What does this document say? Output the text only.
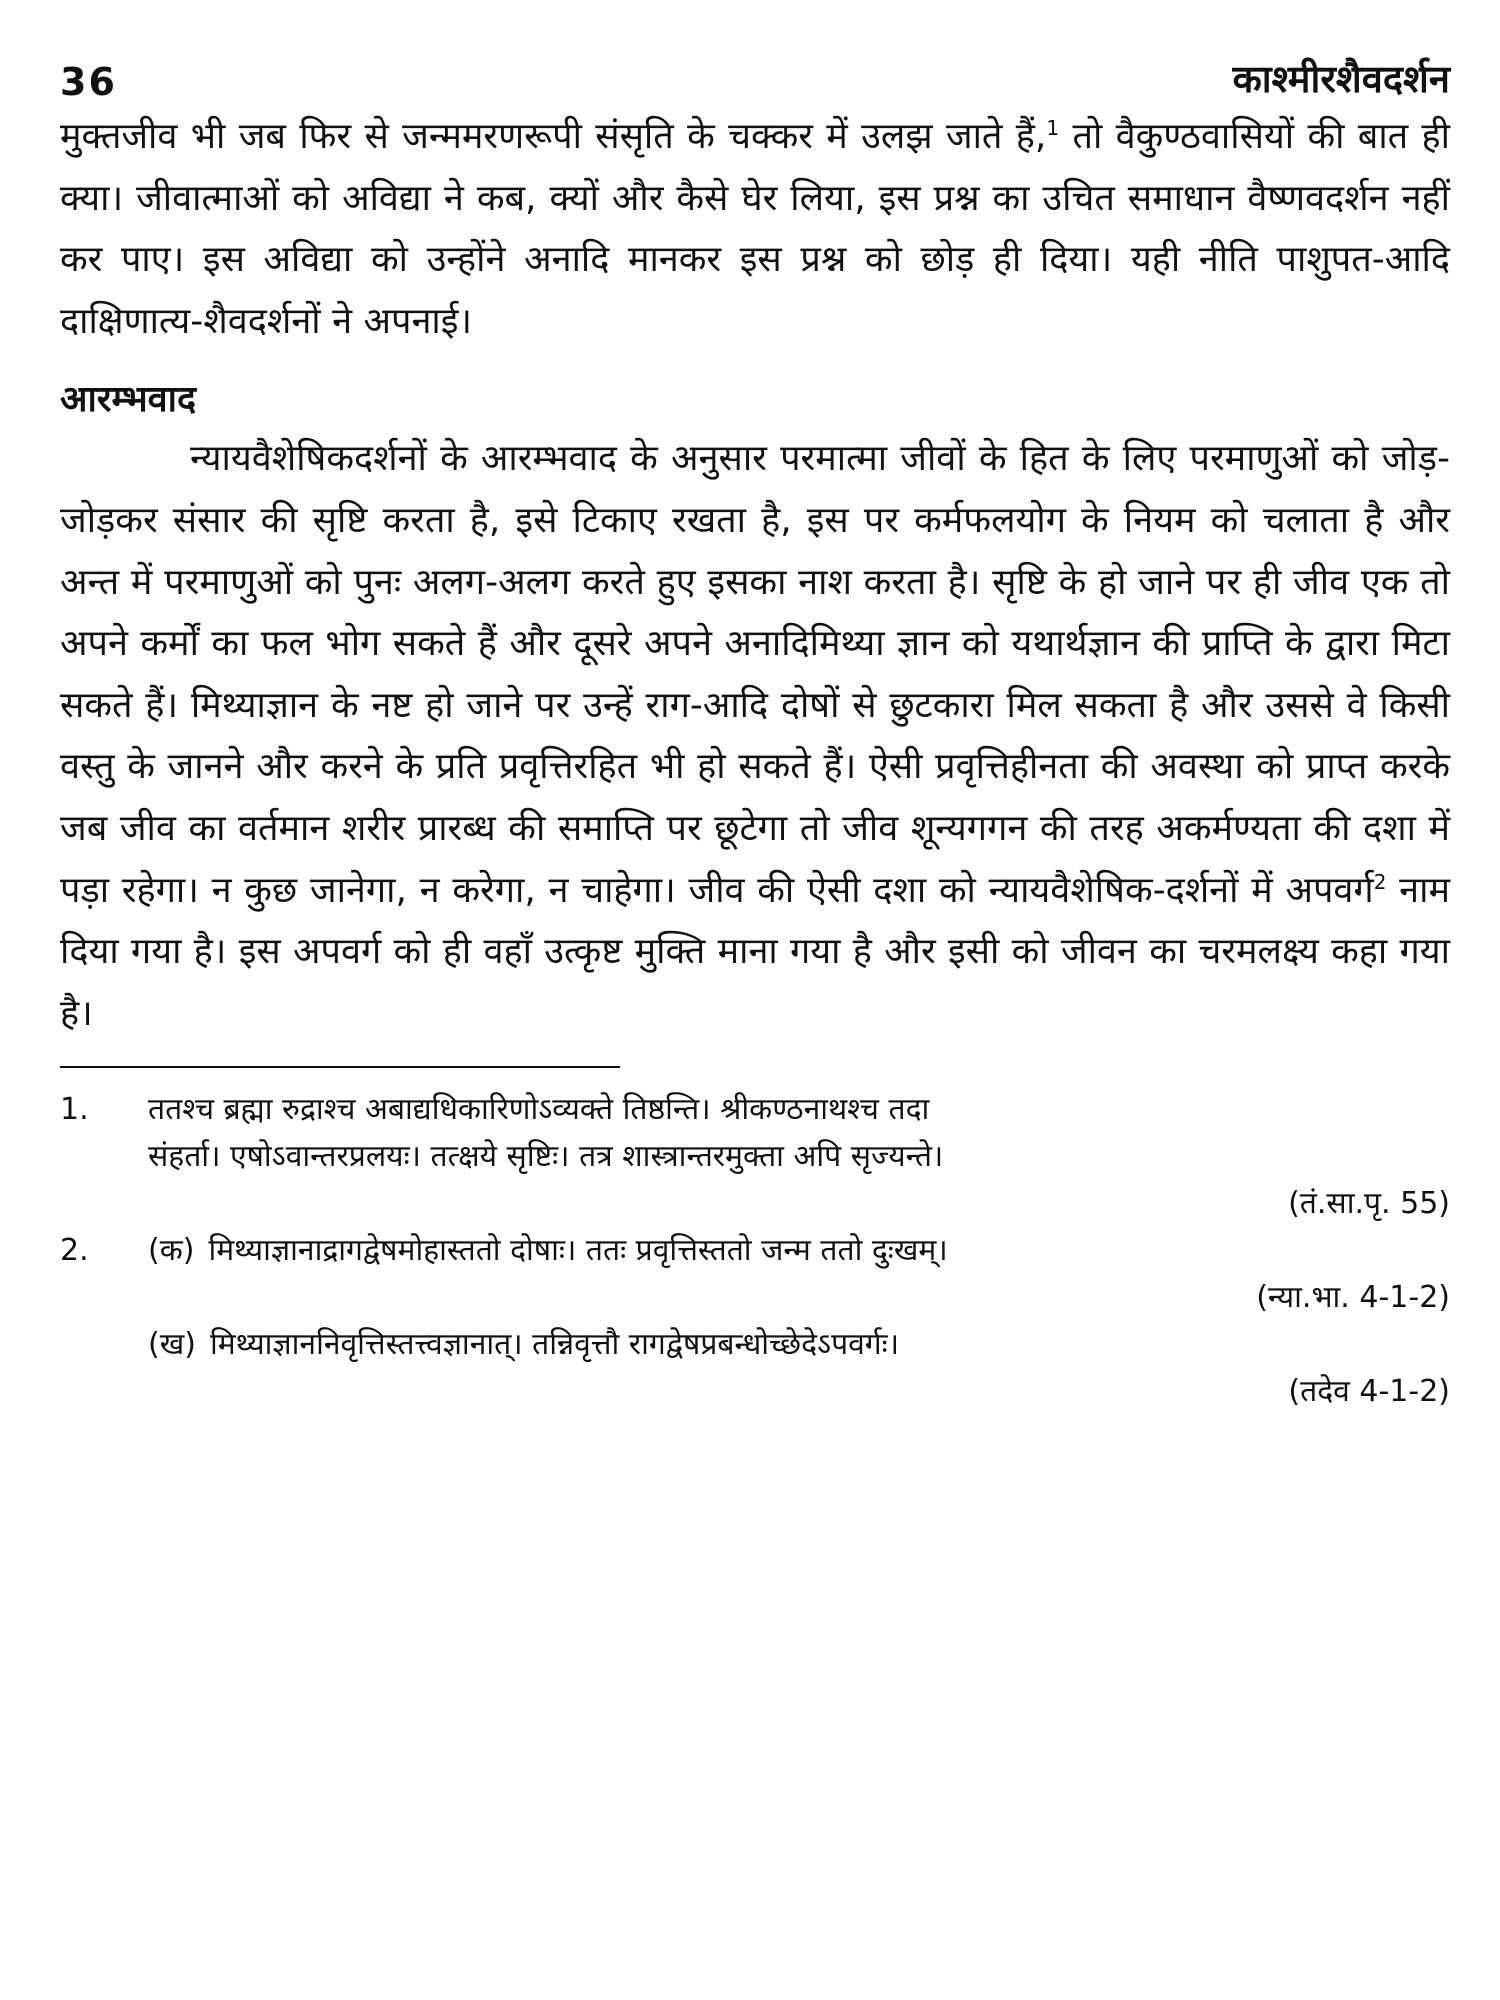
36	काश्मीरशैवदर्शन

मुक्तजीव भी जब फिर से जन्ममरणरूपी संसृति के चक्कर में उलझ जाते हैं,$^1$ तो वैकुण्ठवासियों की बात ही क्या। जीवात्माओं को अविद्या ने कब, क्यों और कैसे घेर लिया, इस प्रश्न का उचित समाधान वैष्णवदर्शन नहीं कर पाए। इस अविद्या को उन्होंने अनादि मानकर इस प्रश्न को छोड़ ही दिया। यही नीति पाशुपत-आदि दाक्षिणात्य-शैवदर्शनों ने अपनाई।

आरम्भवाद

न्यायवैशेषिकदर्शनों के आरम्भवाद के अनुसार परमात्मा जीवों के हित के लिए परमाणुओं को जोड़-जोड़कर संसार की सृष्टि करता है, इसे टिकाए रखता है, इस पर कर्मफलयोग के नियम को चलाता है और अन्त में परमाणुओं को पुनः अलग-अलग करते हुए इसका नाश करता है। सृष्टि के हो जाने पर ही जीव एक तो अपने कर्मों का फल भोग सकते हैं और दूसरे अपने अनादिमिथ्या ज्ञान को यथार्थज्ञान की प्राप्ति के द्वारा मिटा सकते हैं। मिथ्याज्ञान के नष्ट हो जाने पर उन्हें राग-आदि दोषों से छुटकारा मिल सकता है और उससे वे किसी वस्तु के जानने और करने के प्रति प्रवृत्तिरहित भी हो सकते हैं। ऐसी प्रवृत्तिहीनता की अवस्था को प्राप्त करके जब जीव का वर्तमान शरीर प्रारब्ध की समाप्ति पर छूटेगा तो जीव शून्यगगन की तरह अकर्मण्यता की दशा में पड़ा रहेगा। न कुछ जानेगा, न करेगा, न चाहेगा। जीव की ऐसी दशा को न्यायवैशेषिक-दर्शनों में अपवर्ग$^2$ नाम दिया गया है। इस अपवर्ग को ही वहाँ उत्कृष्ट मुक्ति माना गया है और इसी को जीवन का चरमलक्ष्य कहा गया है।

1.	ततश्च ब्रह्मा रुद्राश्च अबाद्यधिकारिणोऽव्यक्ते तिष्ठन्ति। श्रीकण्ठनाथश्च तदा
संहर्ता। एषोऽवान्तरप्रलयः। तत्क्षये सृष्टिः। तत्र शास्त्रान्तरमुक्ता अपि सृज्यन्ते।
(तं.सा.पृ. 55)
2.	(क) मिथ्याज्ञानाद्रागद्वेषमोहास्ततो दोषाः। ततः प्रवृत्तिस्ततो जन्म ततो दुःखम्।
(न्या.भा. 4-1-2)
(ख) मिथ्याज्ञाननिवृत्तिस्तत्त्वज्ञानात्। तन्निवृत्तौ रागद्वेषप्रबन्धोच्छेदेऽपवर्गः।
(तदेव 4-1-2)
